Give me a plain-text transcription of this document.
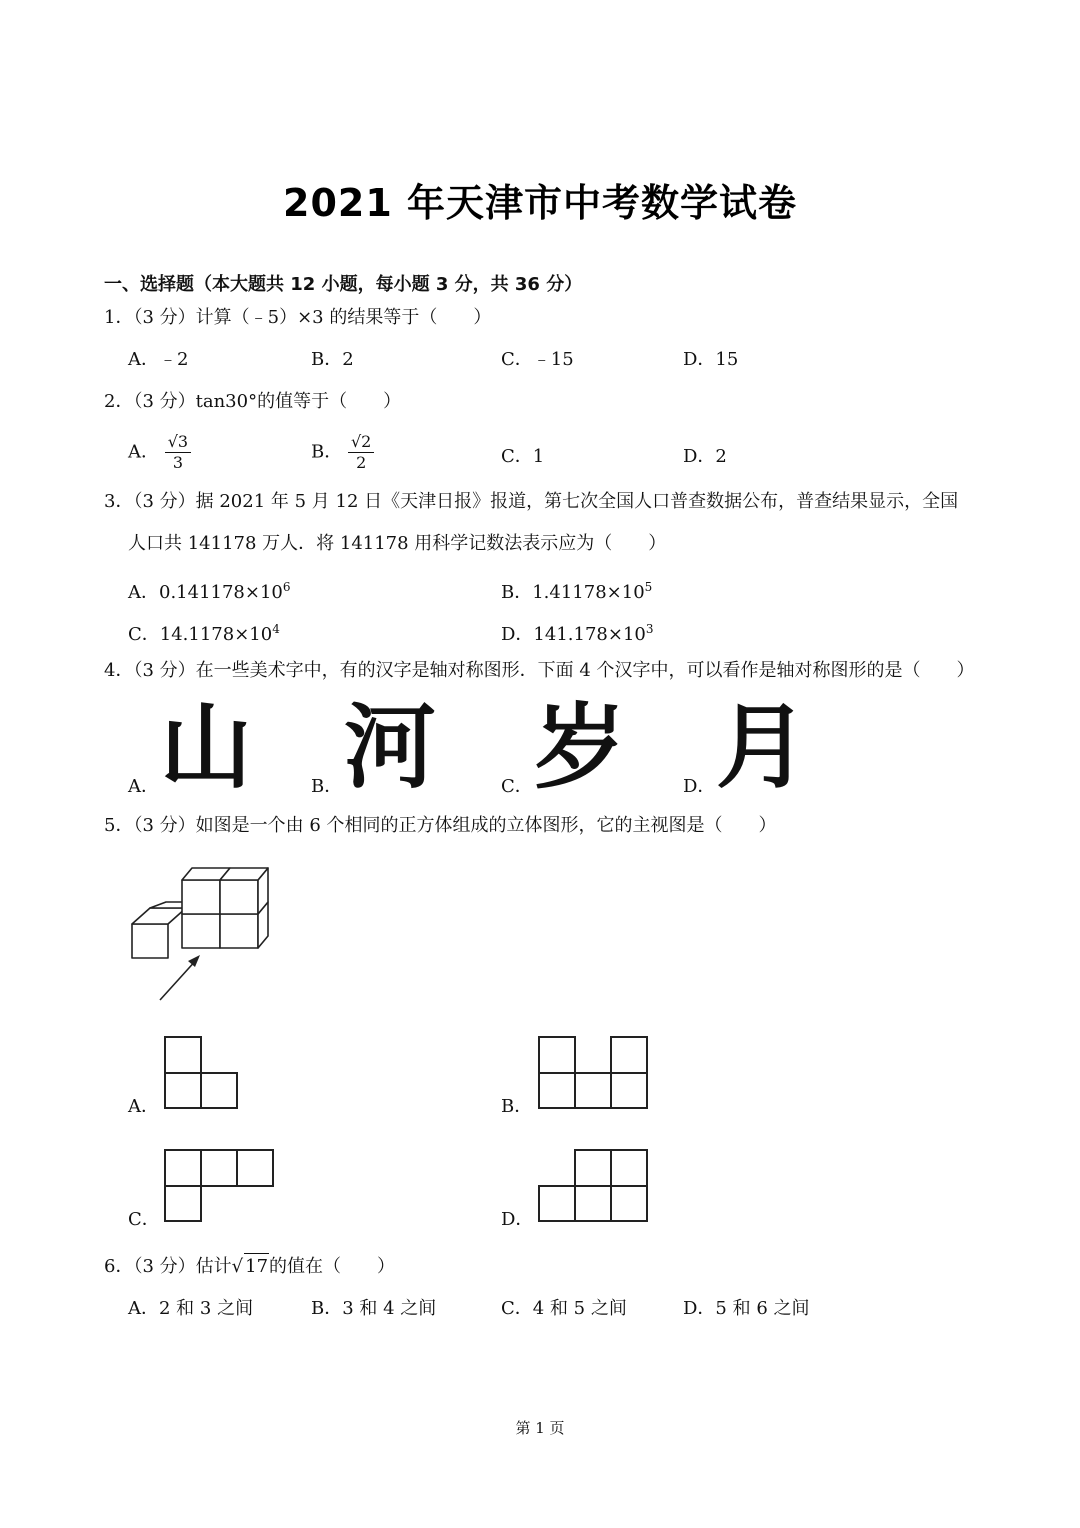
2021 年天津市中考数学试卷
一、选择题（本大题共 12 小题，每小题 3 分，共 36 分）
1．（3 分）计算（﹣5）×3 的结果等于（　　）
A．﹣2	B．2	C．﹣15	D．15
2．（3 分）tan30°的值等于（　　）
A． $\frac{√3}{3}$	B． $\frac{√2}{2}$	C．1	D．2
3．（3 分）据 2021 年 5 月 12 日《天津日报》报道，第七次全国人口普查数据公布，普查结果显示，全国
人口共 141178 万人．将 141178 用科学记数法表示应为（　　）
A．$0.141178\times 10^6$	B．$1.41178\times 10^5$
C．$14.1178\times 10^4$	D．$141.178\times 10^3$
4．（3 分）在一些美术字中，有的汉字是轴对称图形．下面 4 个汉字中，可以看作是轴对称图形的是（　　）
A． 山	B． 河	C． 岁	D． 月
5．（3 分）如图是一个由 6 个相同的正方体组成的立体图形，它的主视图是（　　）
A．	B．
C．	D．
6．（3 分）估计√ 17的值在（　　）
A．2 和 3 之间	B．3 和 4 之间	C．4 和 5 之间	D．5 和 6 之间
第 1 页
